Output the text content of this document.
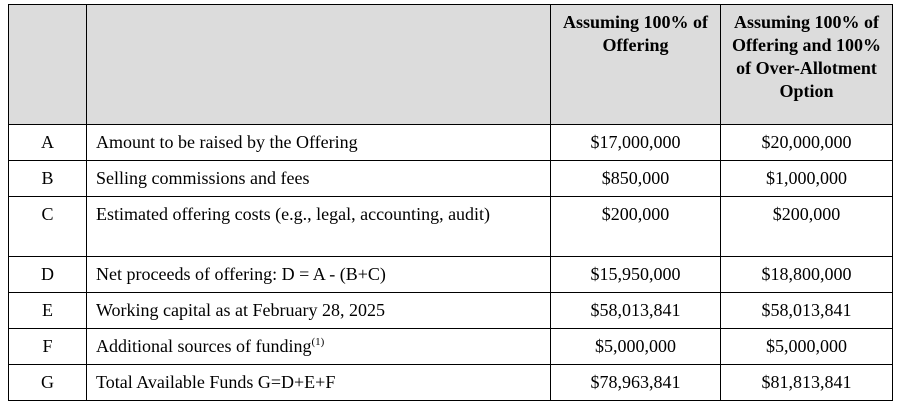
		Assuming 100% of Offering	Assuming 100% of Offering and 100% of Over-Allotment Option
A	Amount to be raised by the Offering	$17,000,000	$20,000,000
B	Selling commissions and fees	$850,000	$1,000,000
C	Estimated offering costs (e.g., legal, accounting, audit)	$200,000	$200,000
D	Net proceeds of offering: D = A - (B+C)	$15,950,000	$18,800,000
E	Working capital as at February 28, 2025	$58,013,841	$58,013,841
F	Additional sources of funding$^{(1)}$	$5,000,000	$5,000,000
G	Total Available Funds G=D+E+F	$78,963,841	$81,813,841
